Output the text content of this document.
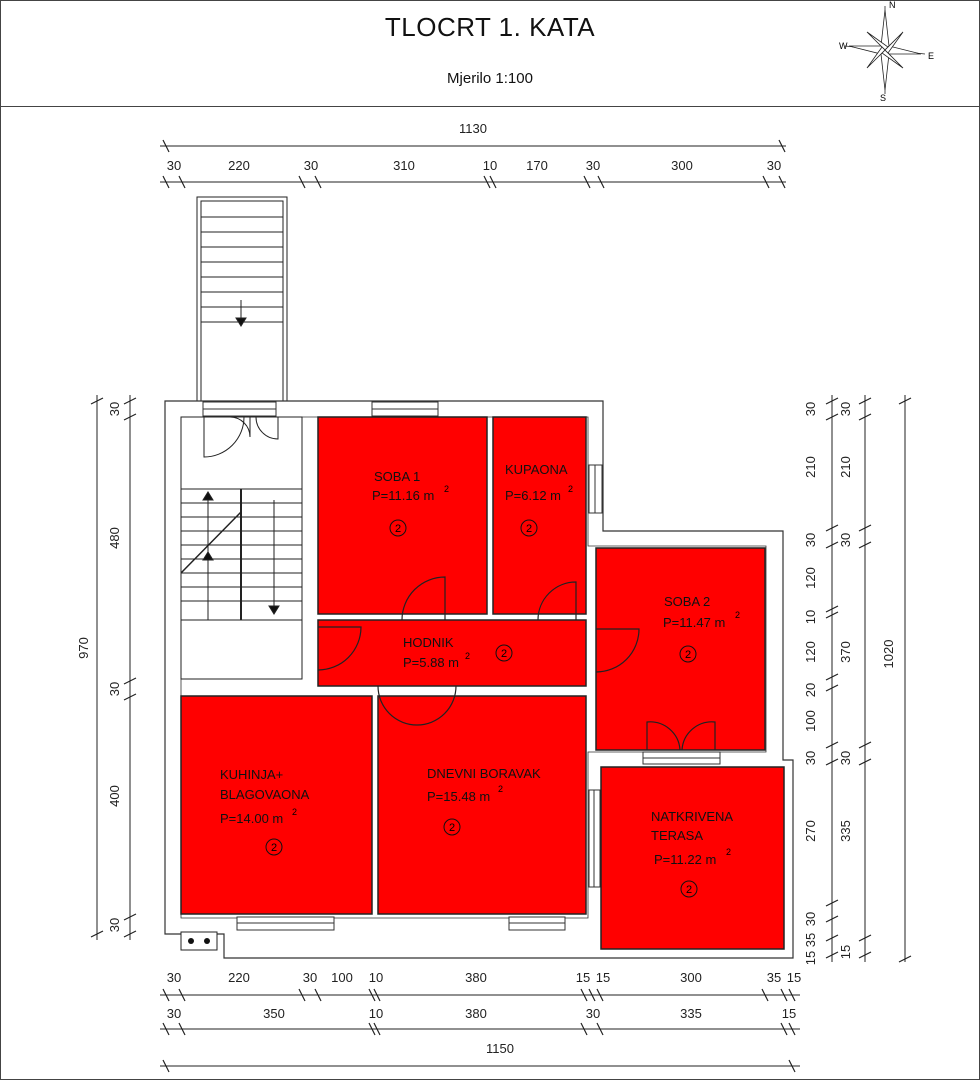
TLOCRT 1. KATA
Mjerilo 1:100
N
E
S
W
1130
30	220	30	310	10 170	30	300	30
SOBA 1
P=11.16 m 2
2
KUPAONA
P=6.12 m 2
2
HODNIK
P=5.88 m 2	2
SOBA 2
P=11.47 m 2
2
KUHINJA+
BLAGOVAONA
P=14.00 m 2
2
DNEVNI BORAVAK
P=15.48 m 2
2
NATKRIVENA
TERASA
P=11.22 m 2
2
970
30
480
30
400
30
30
210
30
120
10
120
20
100
30
270
30
35
15
30
210
30
370
30
335
15
1020
30	220	30 100 10	380	15 15	300	35 15
30	350	10	380	30	335	15
1150
